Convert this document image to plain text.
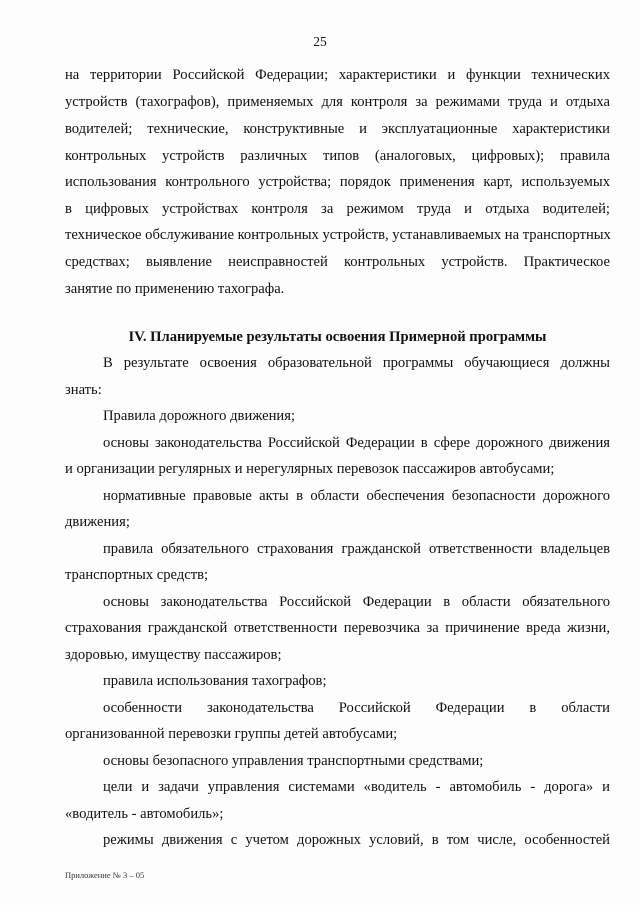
25
на территории Российской Федерации; характеристики и функции технических
устройств (тахографов), применяемых для контроля за режимами труда и отдыха
водителей; технические, конструктивные и эксплуатационные характеристики
контрольных устройств различных типов (аналоговых, цифровых); правила
использования контрольного устройства; порядок применения карт, используемых
в цифровых устройствах контроля за режимом труда и отдыха водителей;
техническое обслуживание контрольных устройств, устанавливаемых на транспортных
средствах; выявление неисправностей контрольных устройств. Практическое
занятие по применению тахографа.
IV. Планируемые результаты освоения Примерной программы
В результате освоения образовательной программы обучающиеся должны
знать:
Правила дорожного движения;
основы законодательства Российской Федерации в сфере дорожного движения
и организации регулярных и нерегулярных перевозок пассажиров автобусами;
нормативные правовые акты в области обеспечения безопасности дорожного
движения;
правила обязательного страхования гражданской ответственности владельцев
транспортных средств;
основы законодательства Российской Федерации в области обязательного
страхования гражданской ответственности перевозчика за причинение вреда жизни,
здоровью, имуществу пассажиров;
правила использования тахографов;
особенности законодательства Российской Федерации в области
организованной перевозки группы детей автобусами;
основы безопасного управления транспортными средствами;
цели и задачи управления системами «водитель - автомобиль - дорога» и
«водитель - автомобиль»;
режимы движения с учетом дорожных условий, в том числе, особенностей
Приложение № 3 – 05
